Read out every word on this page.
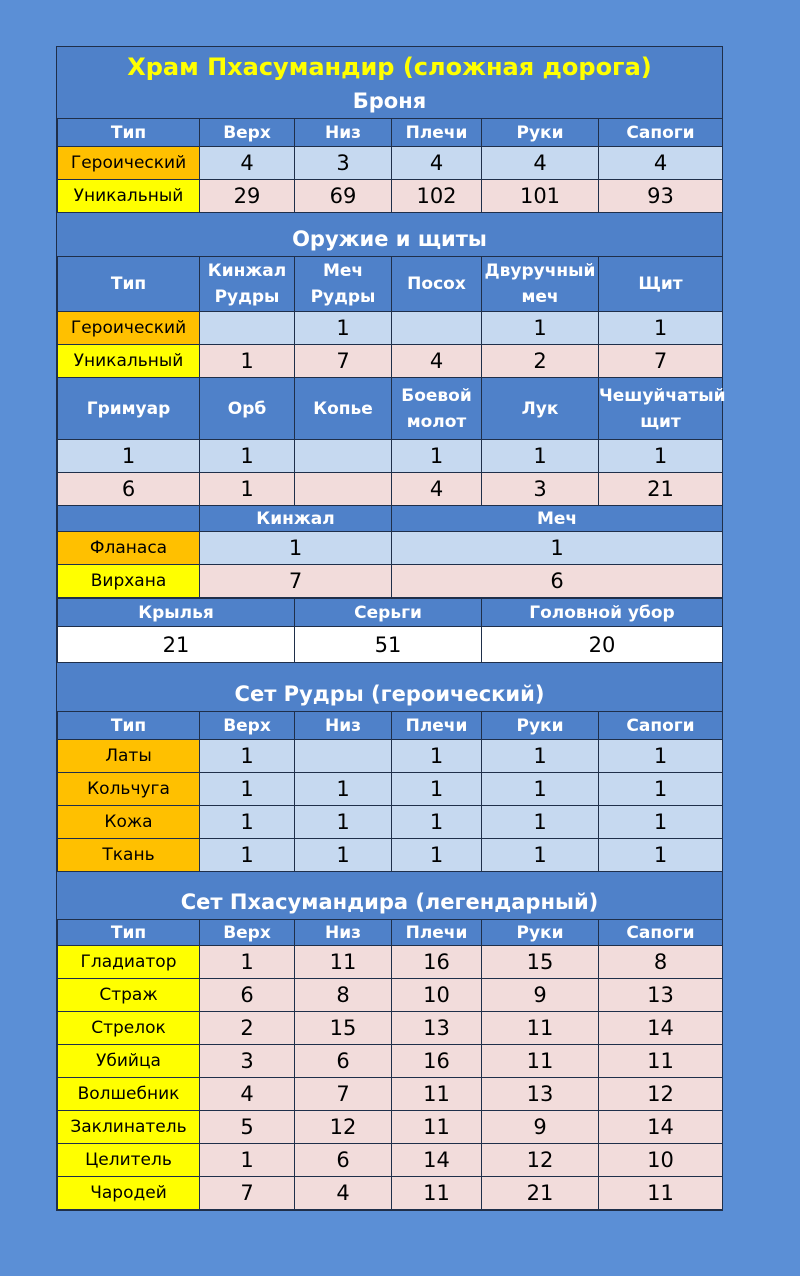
Храм Пхасумандир (сложная дорога)
Броня
Тип	Верх	Низ	Плечи	Руки	Сапоги
Героический	4	3	4	4	4
Уникальный	29	69	102	101	93
Оружие и щиты
Тип	Кинжал Рудры	Меч Рудры	Посох	Двуручный меч	Щит
Героический		1		1	1
Уникальный	1	7	4	2	7
Гримуар	Орб	Копье	Боевой молот	Лук	Чешуйчатый щит
1	1		1	1	1
6	1		4	3	21
	Кинжал		Меч		
Фланаса	1		1		
Вирхана	7		6		
Крылья	Серьги	Головной убор
21	51	20
Сет Рудры (героический)
Тип	Верх	Низ	Плечи	Руки	Сапоги
Латы	1		1	1	1
Кольчуга	1	1	1	1	1
Кожа	1	1	1	1	1
Ткань	1	1	1	1	1
Сет Пхасумандира (легендарный)
Тип	Верх	Низ	Плечи	Руки	Сапоги
Гладиатор	1	11	16	15	8
Страж	6	8	10	9	13
Стрелок	2	15	13	11	14
Убийца	3	6	16	11	11
Волшебник	4	7	11	13	12
Заклинатель	5	12	11	9	14
Целитель	1	6	14	12	10
Чародей	7	4	11	21	11
